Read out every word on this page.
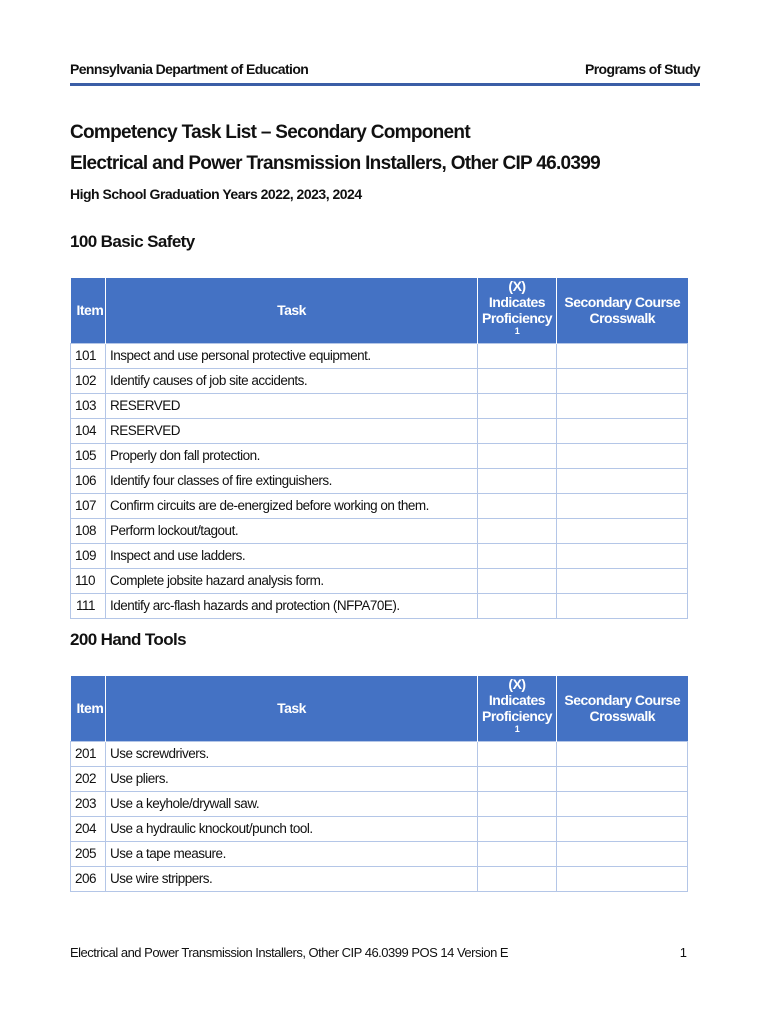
Pennsylvania Department of Education	Programs of Study
Competency Task List – Secondary Component
Electrical and Power Transmission Installers, Other CIP 46.0399
High School Graduation Years 2022, 2023, 2024
100 Basic Safety
Item	Task	(X) Indicates Proficiency $^1$	Secondary Course Crosswalk
101	Inspect and use personal protective equipment.		
102	Identify causes of job site accidents.		
103	RESERVED		
104	RESERVED		
105	Properly don fall protection.		
106	Identify four classes of fire extinguishers.		
107	Confirm circuits are de-energized before working on them.		
108	Perform lockout/tagout.		
109	Inspect and use ladders.		
110	Complete jobsite hazard analysis form.		
111	Identify arc-flash hazards and protection (NFPA70E).		
200 Hand Tools
Item	Task	(X) Indicates Proficiency $^1$	Secondary Course Crosswalk
201	Use screwdrivers.		
202	Use pliers.		
203	Use a keyhole/drywall saw.		
204	Use a hydraulic knockout/punch tool.		
205	Use a tape measure.		
206	Use wire strippers.		
Electrical and Power Transmission Installers, Other CIP 46.0399 POS 14 Version E	1
